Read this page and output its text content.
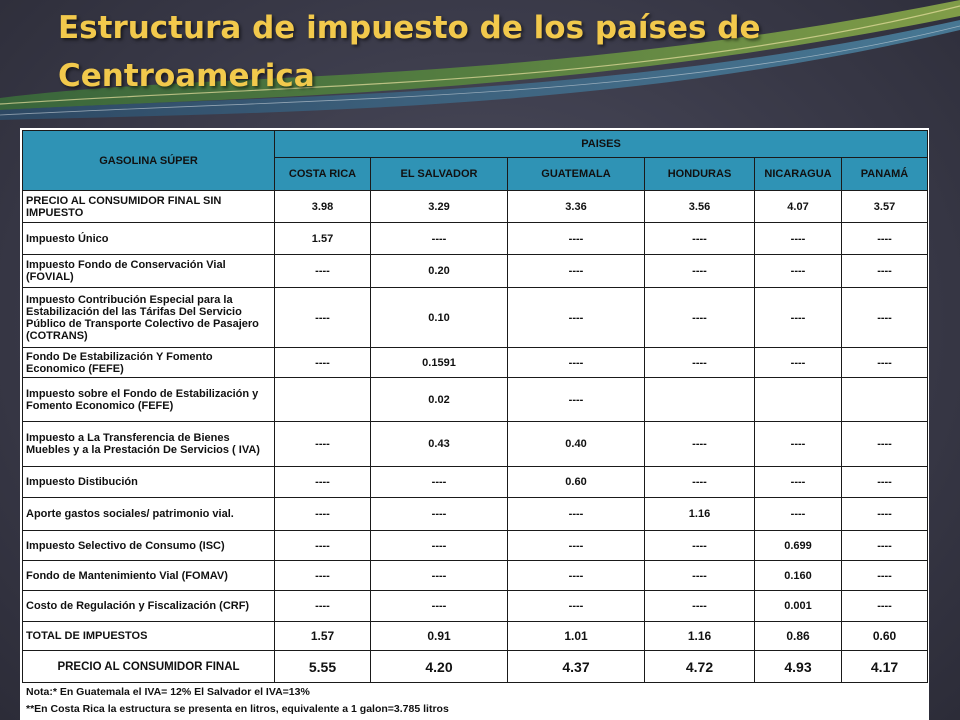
Estructura de impuesto de los países de
Centroamerica
GASOLINA SÚPER	PAISES					
	COSTA RICA	EL SALVADOR	GUATEMALA	HONDURAS	NICARAGUA	PANAMÁ
PRECIO AL CONSUMIDOR FINAL SIN IMPUESTO	3.98	3.29	3.36	3.56	4.07	3.57
Impuesto Único	1.57	----	----	----	----	----
Impuesto Fondo de Conservación Vial (FOVIAL)	----	0.20	----	----	----	----
Impuesto Contribución Especial para la Estabilización del las Tárifas Del Servicio Público de Transporte Colectivo de Pasajero (COTRANS)	----	0.10	----	----	----	----
Fondo De Estabilización Y Fomento Economico (FEFE)	----	0.1591	----	----	----	----
Impuesto sobre el Fondo de Estabilización y Fomento Economico (FEFE)		0.02	----			
Impuesto a La Transferencia de Bienes Muebles y a la Prestación De Servicios ( IVA)	----	0.43	0.40	----	----	----
Impuesto Distibución	----	----	0.60	----	----	----
Aporte gastos sociales/ patrimonio vial.	----	----	----	1.16	----	----
Impuesto Selectivo de Consumo (ISC)	----	----	----	----	0.699	----
Fondo de Mantenimiento Vial (FOMAV)	----	----	----	----	0.160	----
Costo de Regulación y Fiscalización (CRF)	----	----	----	----	0.001	----
TOTAL DE IMPUESTOS	1.57	0.91	1.01	1.16	0.86	0.60
PRECIO AL CONSUMIDOR FINAL	5.55	4.20	4.37	4.72	4.93	4.17
Nota:* En Guatemala el IVA= 12% El Salvador el IVA=13%
**En Costa Rica la estructura se presenta en litros, equivalente a 1 galon=3.785 litros
